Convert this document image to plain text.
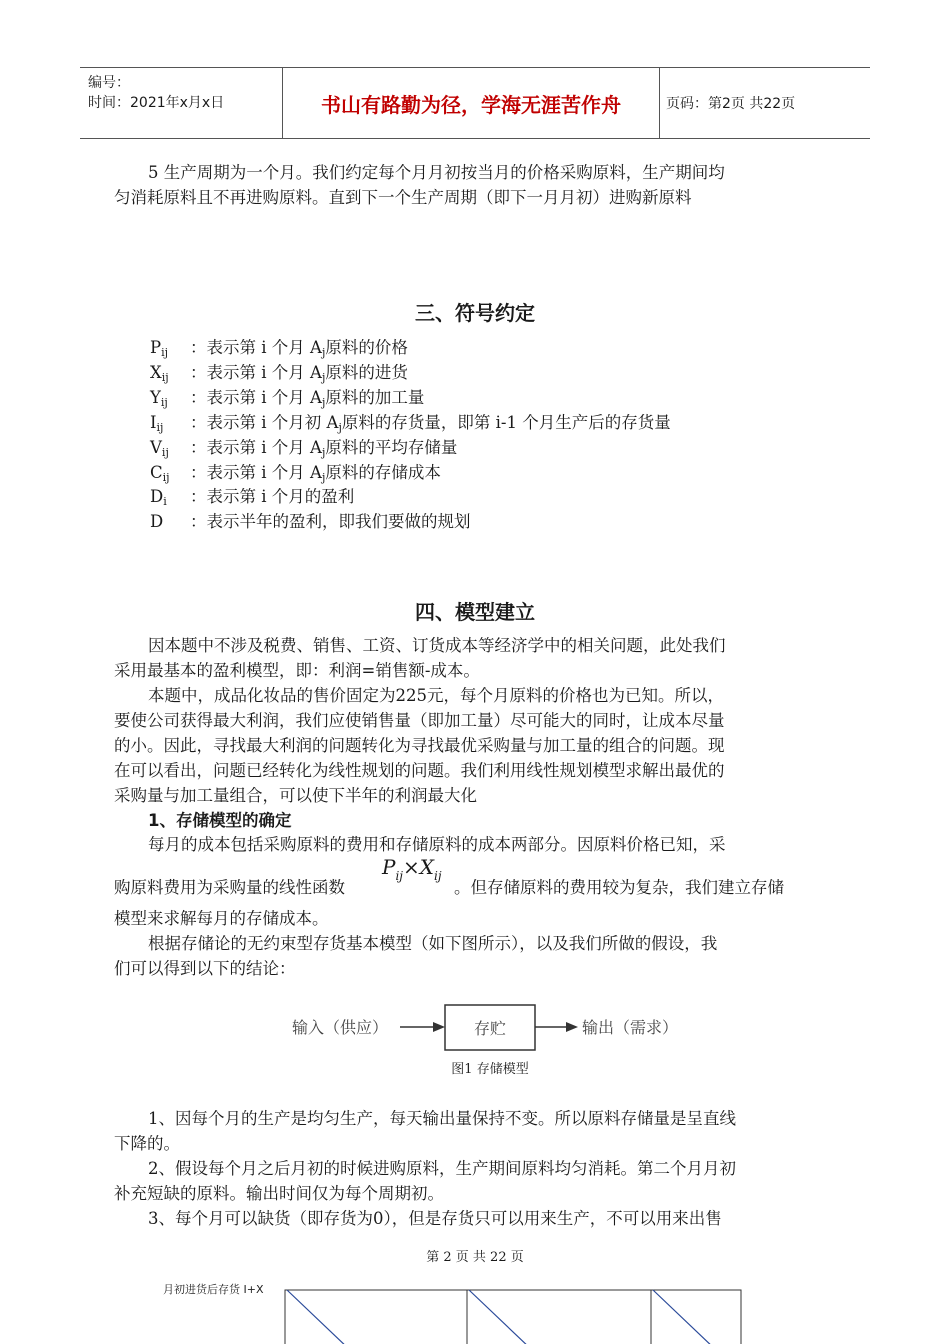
编号：
时间：2021年x月x日	书山有路勤为径，学海无涯苦作舟	页码：第2页 共22页
5 生产周期为一个月。我们约定每个月月初按当月的价格采购原料，生产期间均
匀消耗原料且不再进购原料。直到下一个生产周期（即下一月月初）进购新原料
三、符号约定
Pij ：表示第 i 个月 Aj原料的价格
Xij ：表示第 i 个月 Aj原料的进货
Yij ：表示第 i 个月 Aj原料的加工量
Iij ：表示第 i 个月初 Aj原料的存货量，即第 i-1 个月生产后的存货量
Vij ：表示第 i 个月 Aj原料的平均存储量
Cij ：表示第 i 个月 Aj原料的存储成本
Di ：表示第 i 个月的盈利
D ：表示半年的盈利，即我们要做的规划
四、模型建立
因本题中不涉及税费、销售、工资、订货成本等经济学中的相关问题，此处我们
采用最基本的盈利模型，即：利润=销售额-成本。
本题中，成品化妆品的售价固定为225元，每个月原料的价格也为已知。所以，
要使公司获得最大利润，我们应使销售量（即加工量）尽可能大的同时，让成本尽量
的小。因此，寻找最大利润的问题转化为寻找最优采购量与加工量的组合的问题。现
在可以看出，问题已经转化为线性规划的问题。我们利用线性规划模型求解出最优的
采购量与加工量组合，可以使下半年的利润最大化
1、存储模型的确定
每月的成本包括采购原料的费用和存储原料的成本两部分。因原料价格已知，采
$P_{ij}\times X_{ij}$
购原料费用为采购量的线性函数	。但存储原料的费用较为复杂，我们建立存储
模型来求解每月的存储成本。
根据存储论的无约束型存货基本模型（如下图所示），以及我们所做的假设，我
们可以得到以下的结论：
输入（供应）	存贮	输出（需求）
图1 存储模型
1、因每个月的生产是均匀生产，每天输出量保持不变。所以原料存储量是呈直线
下降的。
2、假设每个月之后月初的时候进购原料，生产期间原料均匀消耗。第二个月月初
补充短缺的原料。输出时间仅为每个周期初。
3、每个月可以缺货（即存货为0），但是存货只可以用来生产，不可以用来出售
第 2 页 共 22 页
月初进货后存货 I+X
